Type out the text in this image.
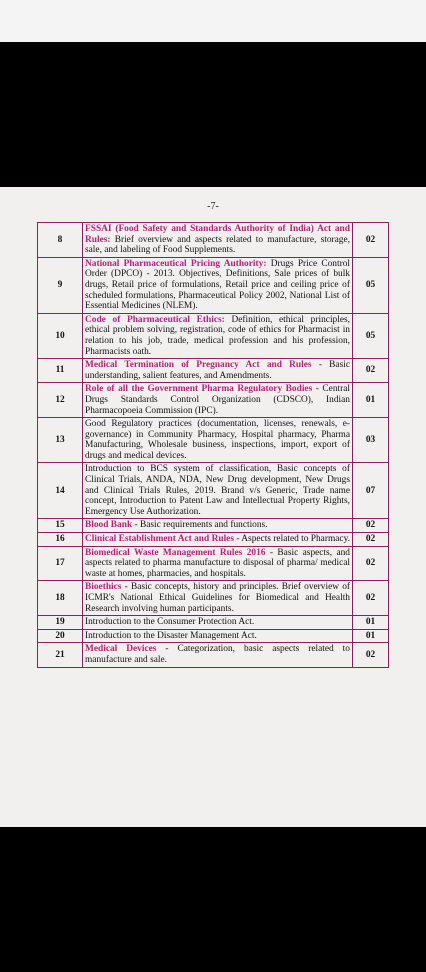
-7-
8	FSSAI (Food Safety and Standards Authority of India) Act and Rules: Brief overview and aspects related to manufacture, storage, sale, and labeling of Food Supplements.	02
9	National Pharmaceutical Pricing Authority: Drugs Price Control Order (DPCO) - 2013. Objectives, Definitions, Sale prices of bulk drugs, Retail price of formulations, Retail price and ceiling price of scheduled formulations, Pharmaceutical Policy 2002, National List of Essential Medicines (NLEM).	05
10	Code of Pharmaceutical Ethics: Definition, ethical principles, ethical problem solving, registration, code of ethics for Pharmacist in relation to his job, trade, medical profession and his profession, Pharmacists oath.	05
11	Medical Termination of Pregnancy Act and Rules - Basic understanding, salient features, and Amendments.	02
12	Role of all the Government Pharma Regulatory Bodies - Central Drugs Standards Control Organization (CDSCO), Indian Pharmacopoeia Commission (IPC).	01
13	Good Regulatory practices (documentation, licenses, renewals, e-governance) in Community Pharmacy, Hospital pharmacy, Pharma Manufacturing, Wholesale business, inspections, import, export of drugs and medical devices.	03
14	Introduction to BCS system of classification, Basic concepts of Clinical Trials, ANDA, NDA, New Drug development, New Drugs and Clinical Trials Rules, 2019. Brand v/s Generic, Trade name concept, Introduction to Patent Law and Intellectual Property Rights, Emergency Use Authorization.	07
15	Blood Bank - Basic requirements and functions.	02
16	Clinical Establishment Act and Rules - Aspects related to Pharmacy.	02
17	Biomedical Waste Management Rules 2016 - Basic aspects, and aspects related to pharma manufacture to disposal of pharma/ medical waste at homes, pharmacies, and hospitals.	02
18	Bioethics - Basic concepts, history and principles. Brief overview of ICMR's National Ethical Guidelines for Biomedical and Health Research involving human participants.	02
19	Introduction to the Consumer Protection Act.	01
20	Introduction to the Disaster Management Act.	01
21	Medical Devices - Categorization, basic aspects related to manufacture and sale.	02
